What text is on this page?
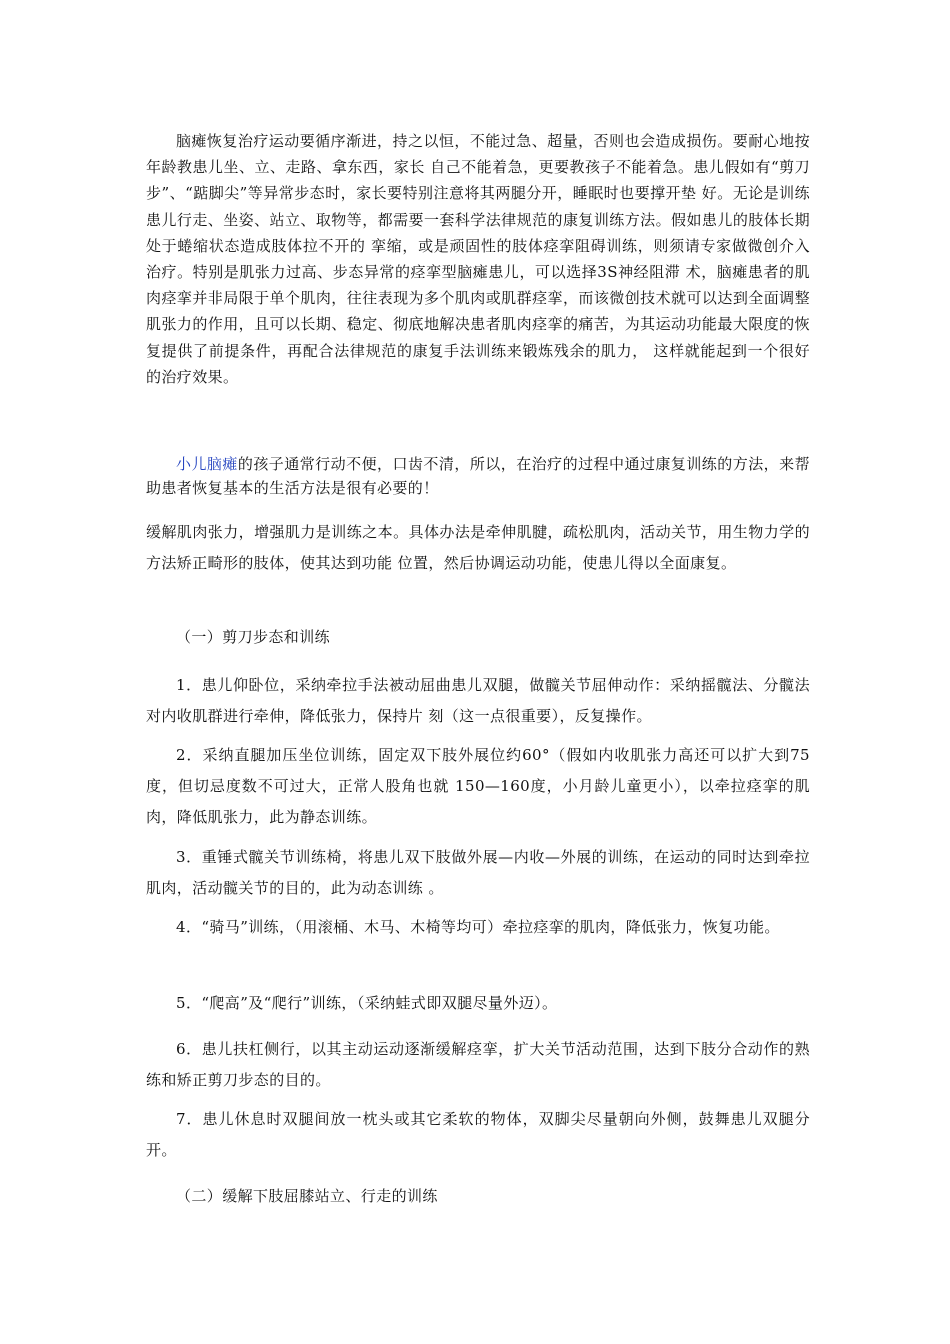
脑瘫恢复治疗运动要循序渐进，持之以恒，不能过急、超量，否则也会造成损伤。要耐心地按年龄教患儿坐、立、走路、拿东西，家长 自己不能着急，更要教孩子不能着急。患儿假如有“剪刀步”、“踮脚尖”等异常步态时，家长要特别注意将其两腿分开，睡眠时也要撑开垫 好。无论是训练患儿行走、坐姿、站立、取物等，都需要一套科学法律规范的康复训练方法。假如患儿的肢体长期处于蜷缩状态造成肢体拉不开的 挛缩，或是顽固性的肢体痉挛阻碍训练，则须请专家做微创介入治疗。特别是肌张力过高、步态异常的痉挛型脑瘫患儿，可以选择3S神经阻滞 术，脑瘫患者的肌肉痉挛并非局限于单个肌肉，往往表现为多个肌肉或肌群痉挛，而该微创技术就可以达到全面调整肌张力的作用，且可以长期、稳定、彻底地解决患者肌肉痉挛的痛苦，为其运动功能最大限度的恢复提供了前提条件，再配合法律规范的康复手法训练来锻炼残余的肌力， 这样就能起到一个很好的治疗效果。

小儿脑瘫的孩子通常行动不便，口齿不清，所以，在治疗的过程中通过康复训练的方法，来帮助患者恢复基本的生活方法是很有必要的！

缓解肌肉张力，增强肌力是训练之本。具体办法是牵伸肌腱，疏松肌肉，活动关节，用生物力学的方法矫正畸形的肢体，使其达到功能 位置，然后协调运动功能，使患儿得以全面康复。

（一）剪刀步态和训练

1．患儿仰卧位，采纳牵拉手法被动屈曲患儿双腿，做髋关节屈伸动作：采纳摇髋法、分髋法对内收肌群进行牵伸，降低张力，保持片 刻（这一点很重要），反复操作。

2．采纳直腿加压坐位训练，固定双下肢外展位约60°（假如内收肌张力高还可以扩大到75度，但切忌度数不可过大，正常人股角也就 150—160度，小月龄儿童更小），以牵拉痉挛的肌肉，降低肌张力，此为静态训练。

3．重锤式髋关节训练椅，将患儿双下肢做外展—内收—外展的训练，在运动的同时达到牵拉肌肉，活动髋关节的目的，此为动态训练 。

4．“骑马”训练，（用滚桶、木马、木椅等均可）牵拉痉挛的肌肉，降低张力，恢复功能。

5．“爬高”及“爬行”训练，（采纳蛙式即双腿尽量外迈）。

6．患儿扶杠侧行，以其主动运动逐渐缓解痉挛，扩大关节活动范围，达到下肢分合动作的熟练和矫正剪刀步态的目的。

7．患儿休息时双腿间放一枕头或其它柔软的物体，双脚尖尽量朝向外侧，鼓舞患儿双腿分开。

（二）缓解下肢屈膝站立、行走的训练
